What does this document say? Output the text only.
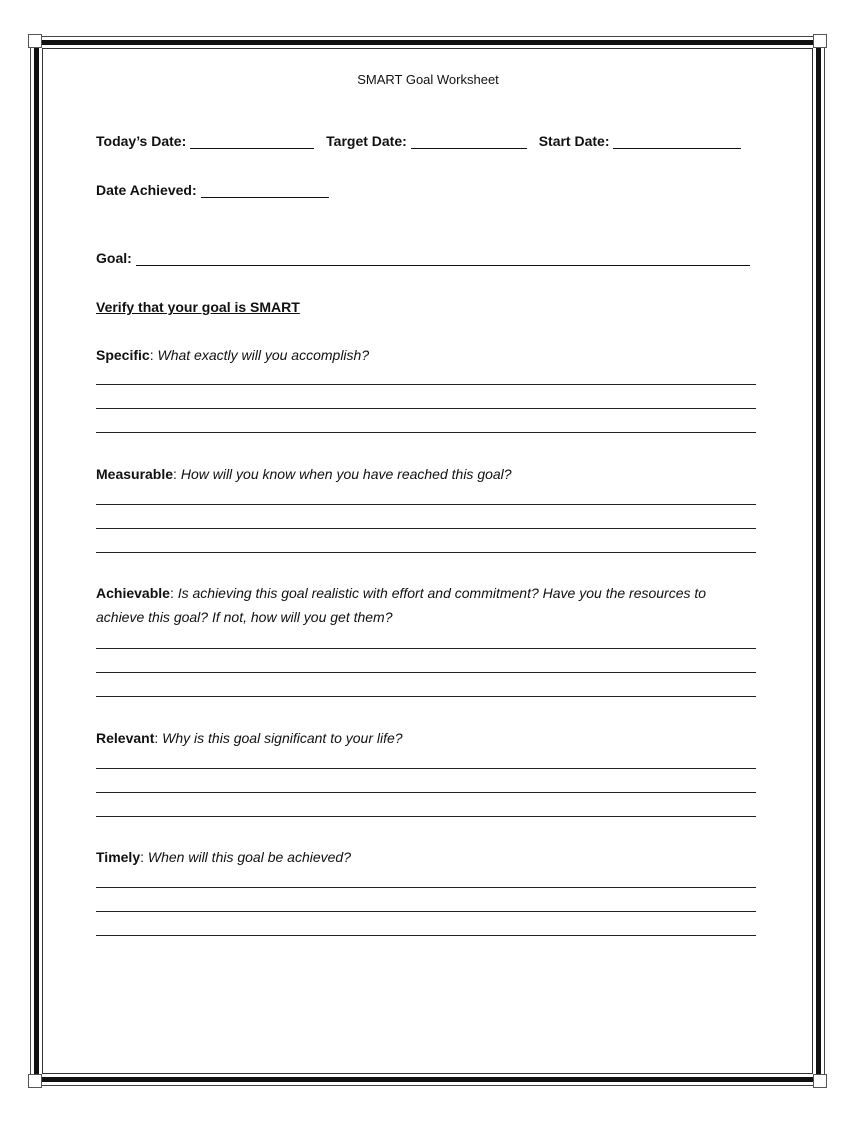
SMART Goal Worksheet
Today’s Date:	Target Date:	Start Date:
Date Achieved:
Goal:
Verify that your goal is SMART
Specific: What exactly will you accomplish?
Measurable: How will you know when you have reached this goal?
Achievable: Is achieving this goal realistic with effort and commitment? Have you the resources to achieve this goal? If not, how will you get them?
Relevant: Why is this goal significant to your life?
Timely: When will this goal be achieved?
